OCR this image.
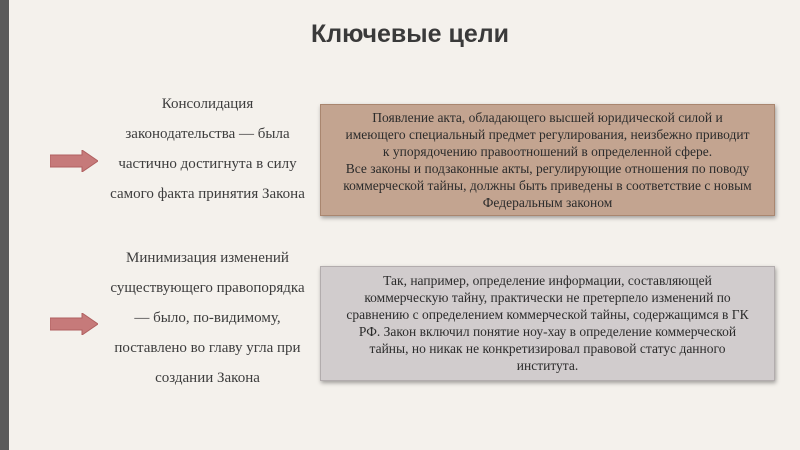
Ключевые цели
Консолидация
законодательства — была
частично достигнута в силу
самого факта принятия Закона
Появление акта, обладающего высшей юридической силой и
имеющего специальный предмет регулирования, неизбежно приводит
к упорядочению правоотношений в определенной сфере.
Все законы и подзаконные акты, регулирующие отношения по поводу
коммерческой тайны, должны быть приведены в соответствие с новым
Федеральным законом
Минимизация изменений
существующего правопорядка
— было, по-видимому,
поставлено во главу угла при
создании Закона
Так, например, определение информации, составляющей
коммерческую тайну, практически не претерпело изменений по
сравнению с определением коммерческой тайны, содержащимся в ГК
РФ. Закон включил понятие ноу-хау в определение коммерческой
тайны, но никак не конкретизировал правовой статус данного
института.
